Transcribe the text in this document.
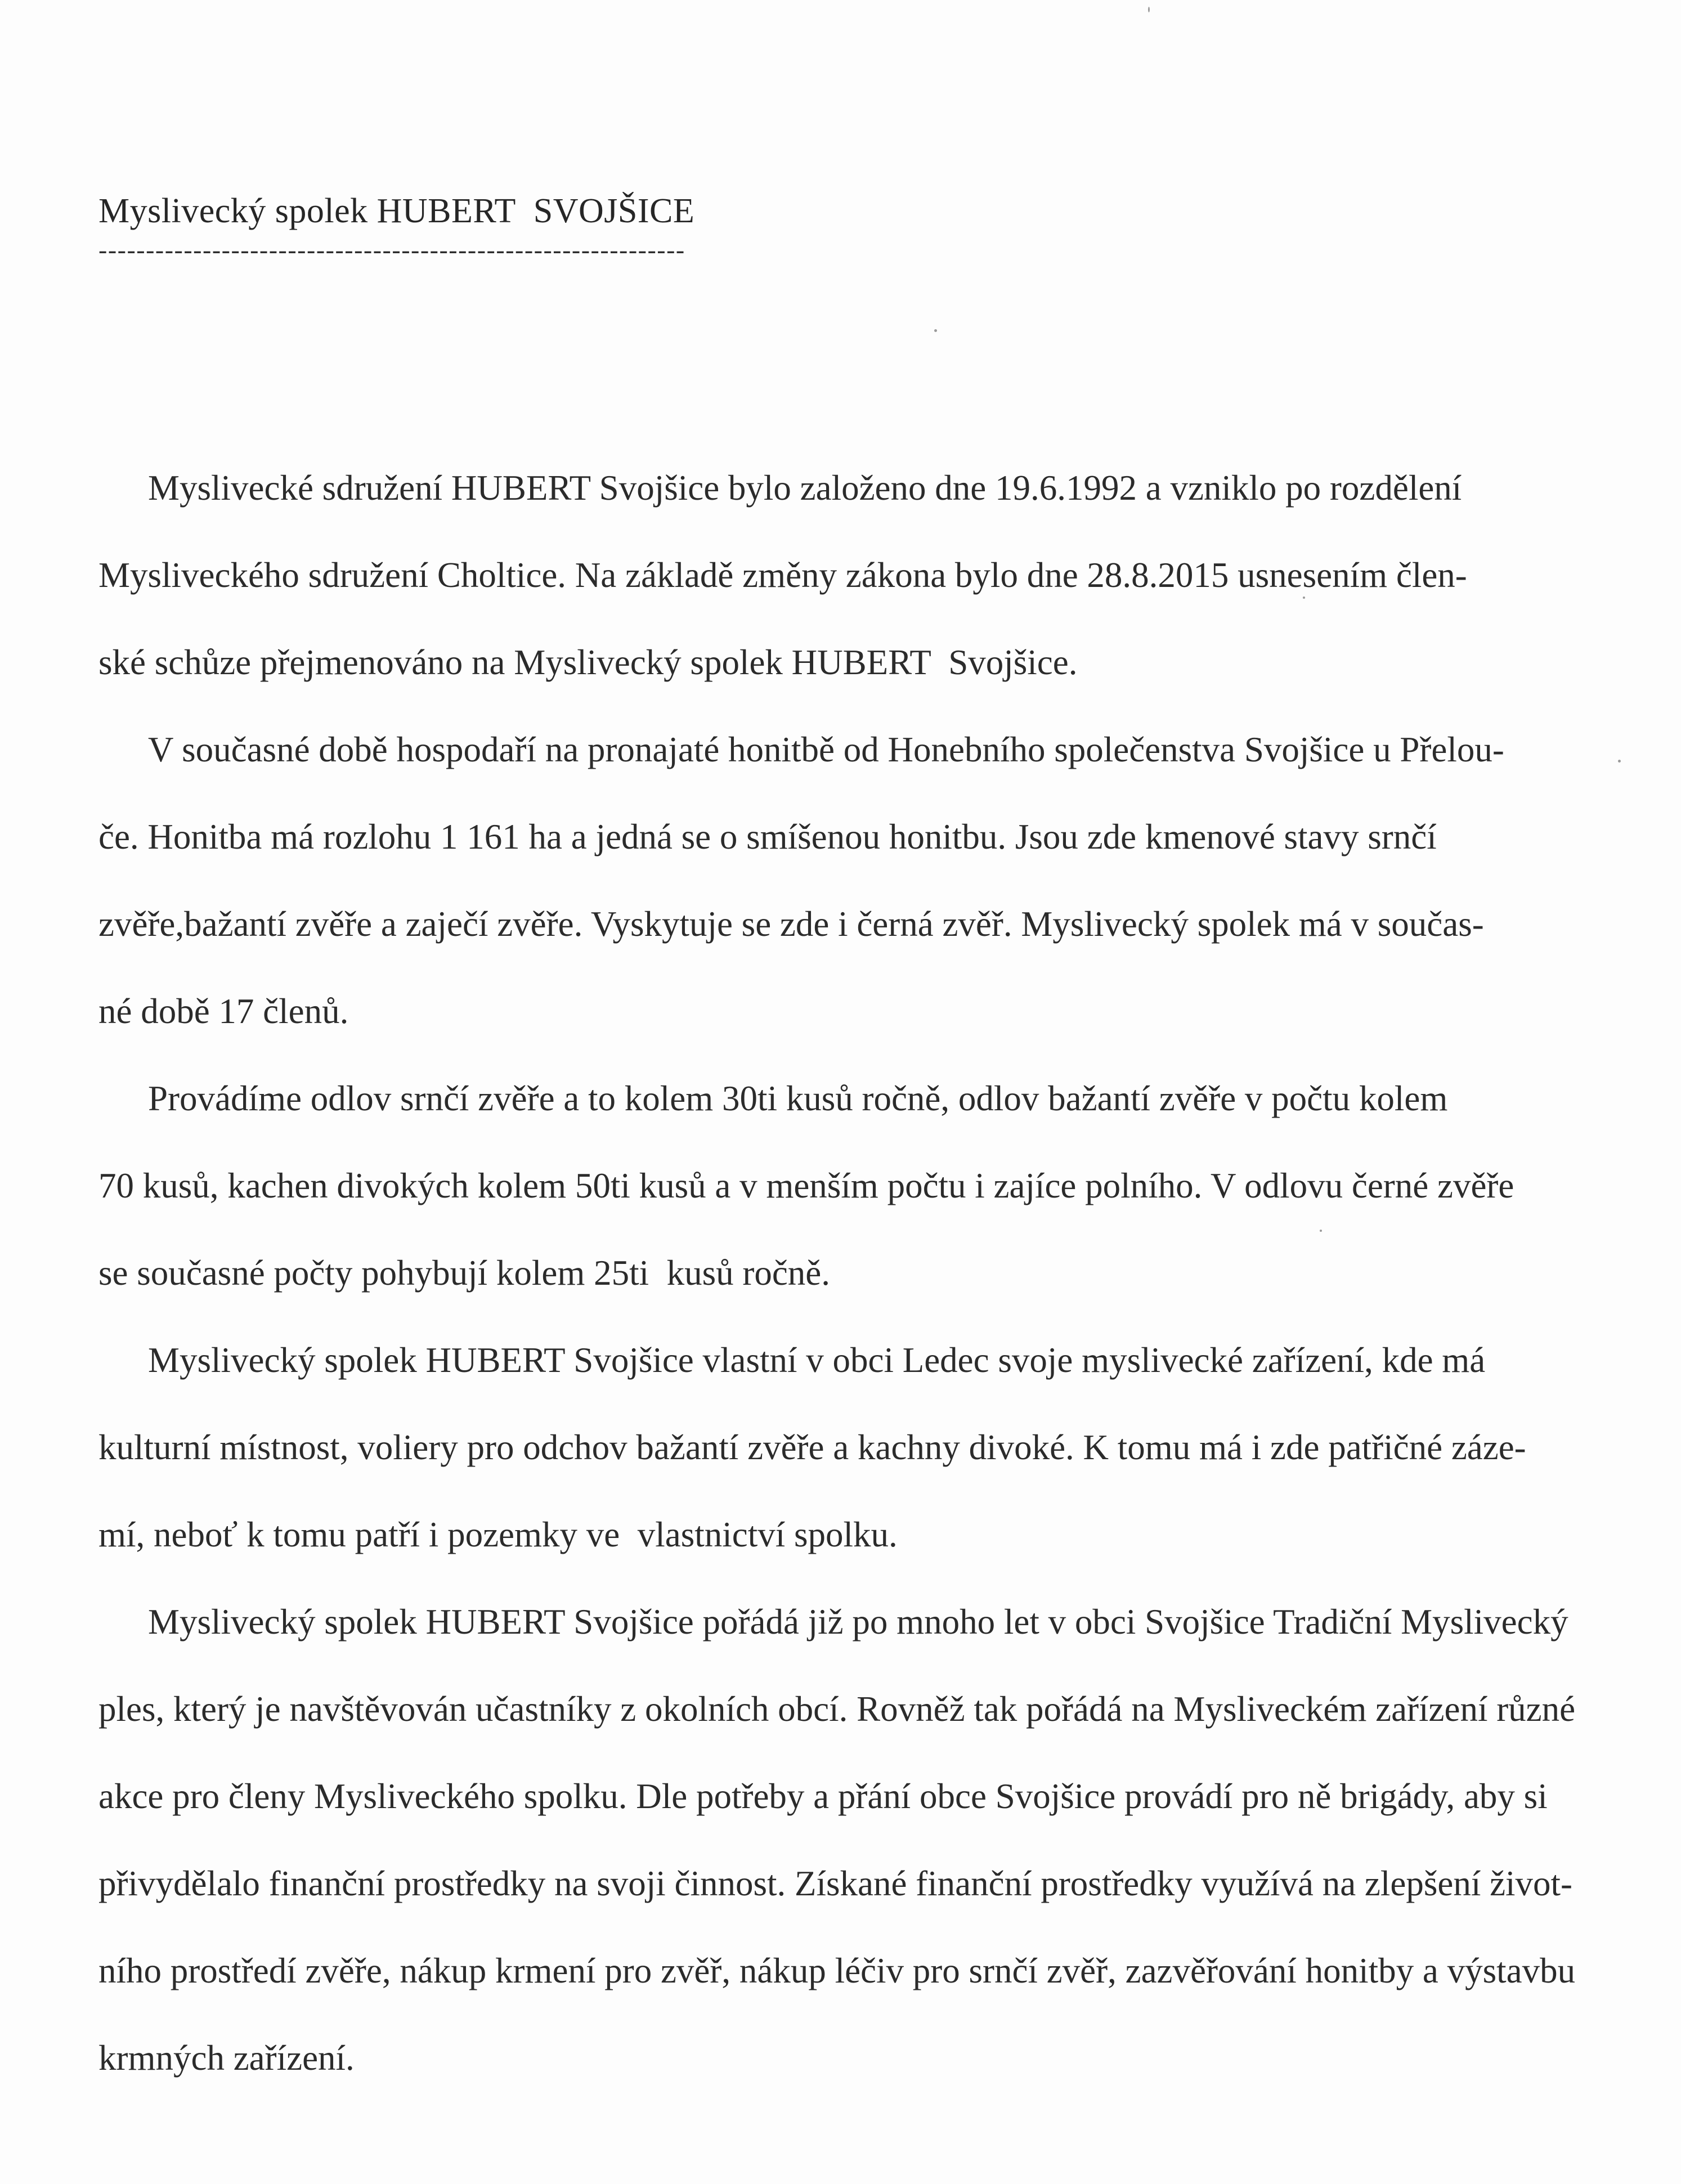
Myslivecký spolek HUBERT  SVOJŠICE
--------------------------------------------------------------
Myslivecké sdružení HUBERT Svojšice bylo založeno dne 19.6.1992 a vzniklo po rozdělení
Mysliveckého sdružení Choltice. Na základě změny zákona bylo dne 28.8.2015 usnesením člen-
ské schůze přejmenováno na Myslivecký spolek HUBERT  Svojšice.
V současné době hospodaří na pronajaté honitbě od Honebního společenstva Svojšice u Přelou-
če. Honitba má rozlohu 1 161 ha a jedná se o smíšenou honitbu. Jsou zde kmenové stavy srnčí
zvěře,bažantí zvěře a zaječí zvěře. Vyskytuje se zde i černá zvěř. Myslivecký spolek má v součas-
né době 17 členů.
Provádíme odlov srnčí zvěře a to kolem 30ti kusů ročně, odlov bažantí zvěře v počtu kolem
70 kusů, kachen divokých kolem 50ti kusů a v menším počtu i zajíce polního. V odlovu černé zvěře
se současné počty pohybují kolem 25ti  kusů ročně.
Myslivecký spolek HUBERT Svojšice vlastní v obci Ledec svoje myslivecké zařízení, kde má
kulturní místnost, voliery pro odchov bažantí zvěře a kachny divoké. K tomu má i zde patřičné záze-
mí, neboť k tomu patří i pozemky ve  vlastnictví spolku.
Myslivecký spolek HUBERT Svojšice pořádá již po mnoho let v obci Svojšice Tradiční Myslivecký
ples, který je navštěvován učastníky z okolních obcí. Rovněž tak pořádá na Mysliveckém zařízení různé
akce pro členy Mysliveckého spolku. Dle potřeby a přání obce Svojšice provádí pro ně brigády, aby si
přivydělalo finanční prostředky na svoji činnost. Získané finanční prostředky využívá na zlepšení život-
ního prostředí zvěře, nákup krmení pro zvěř, nákup léčiv pro srnčí zvěř, zazvěřování honitby a výstavbu
krmných zařízení.
